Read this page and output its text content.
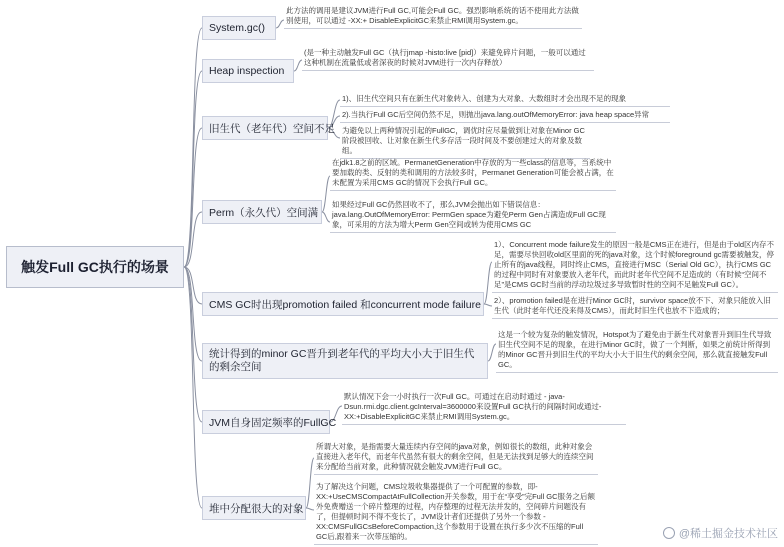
触发Full GC执行的场景
System.gc()
Heap inspection
旧生代（老年代）空间不足
Perm（永久代）空间满
CMS GC时出现promotion failed 和concurrent mode failure
统计得到的minor GC晋升到老年代的平均大小大于旧生代的剩余空间
JVM自身固定频率的FullGC
堆中分配很大的对象
此方法的调用是建议JVM进行Full GC,可能会Full GC。强烈影响系统的话不使用此方法做别使用，可以通过 -XX:+ DisableExplicitGC来禁止RMI调用System.gc。
(是一种主动触发Full GC（执行jmap -histo:live [pid]）来避免碎片问题，一般可以通过这种机制在流量低或者深夜的时候对JVM进行一次内存释放）
1)、旧生代空间只有在新生代对象转入、创建为大对象、大数组时才会出现不足的现象
2).当执行Full GC后空间仍然不足，则抛出java.lang.outOfMemoryError: java heap space异常
为避免以上两种情况引起的FullGC，调优时应尽量做到让对象在Minor GC阶段被回收、让对象在新生代多存活一段时间及不要创建过大的对象及数组。
在jdk1.8之前的区域。PermanetGeneration中存放的为一些class的信息等，当系统中要加载的类、反射的类和调用的方法较多时，Permanet Generation可能会被占满，在未配置为采用CMS GC的情况下会执行Full GC。
如果经过Full GC仍然回收不了，那么JVM会抛出如下错误信息：java.lang.OutOfMemoryError: PermGen space为避免Perm Gen占满造成Full GC现象，可采用的方法为增大Perm Gen空间或转为使用CMS GC
1）、Concurrent mode failure发生的原因一般是CMS正在进行，但是由于old区内存不足，需要尽快回收old区里面的死的java对象，这个时候foreground gc需要被触发，停止所有的java线程，同时终止CMS，直接进行MSC（Serial Old GC），执行CMS GC的过程中同时有对象要放入老年代，而此时老年代空间不足造成的（有时候“空间不足”是CMS GC时当前的浮动垃圾过多导致暂时性的空间不足触发Full GC）。
2）、promotion failed是在进行Minor GC时，survivor space放不下、对象只能放入旧生代（此时老年代还没来得及CMS），而此时旧生代也放不下造成的；
这是一个较为复杂的触发情况，Hotspot为了避免由于新生代对象晋升到旧生代导致旧生代空间不足的现象，在进行Minor GC时，做了一个判断，如果之前统计所得到的Minor GC晋升到旧生代的平均大小大于旧生代的剩余空间，那么就直接触发Full GC。
默认情况下会一小时执行一次Full GC。可通过在启动时通过 - java-Dsun.rmi.dgc.client.gcInterval=3600000来设置Full GC执行的间隔时间或通过-XX:+DisableExplicitGC来禁止RMI调用System.gc。
所谓大对象，是指需要大量连续内存空间的java对象，例如很长的数组，此种对象会直接进入老年代，而老年代虽然有很大的剩余空间，但是无法找到足够大的连续空间来分配给当前对象，此种情况就会触发JVM进行Full GC。
为了解决这个问题，CMS垃圾收集器提供了一个可配置的参数，即-XX:+UseCMSCompactAtFullCollection开关参数，用于在“享受”完Full GC服务之后额外免费赠送一个碎片整理的过程，内存整理的过程无法并发的，空间碎片问题没有了，但提顿时间不得不变长了，JVM设计者们还提供了另外一个参数 -XX:CMSFullGCsBeforeCompaction,这个参数用于设置在执行多少次不压缩的Full GC后,跟着来一次带压缩的。	@稀土掘金技术社区
